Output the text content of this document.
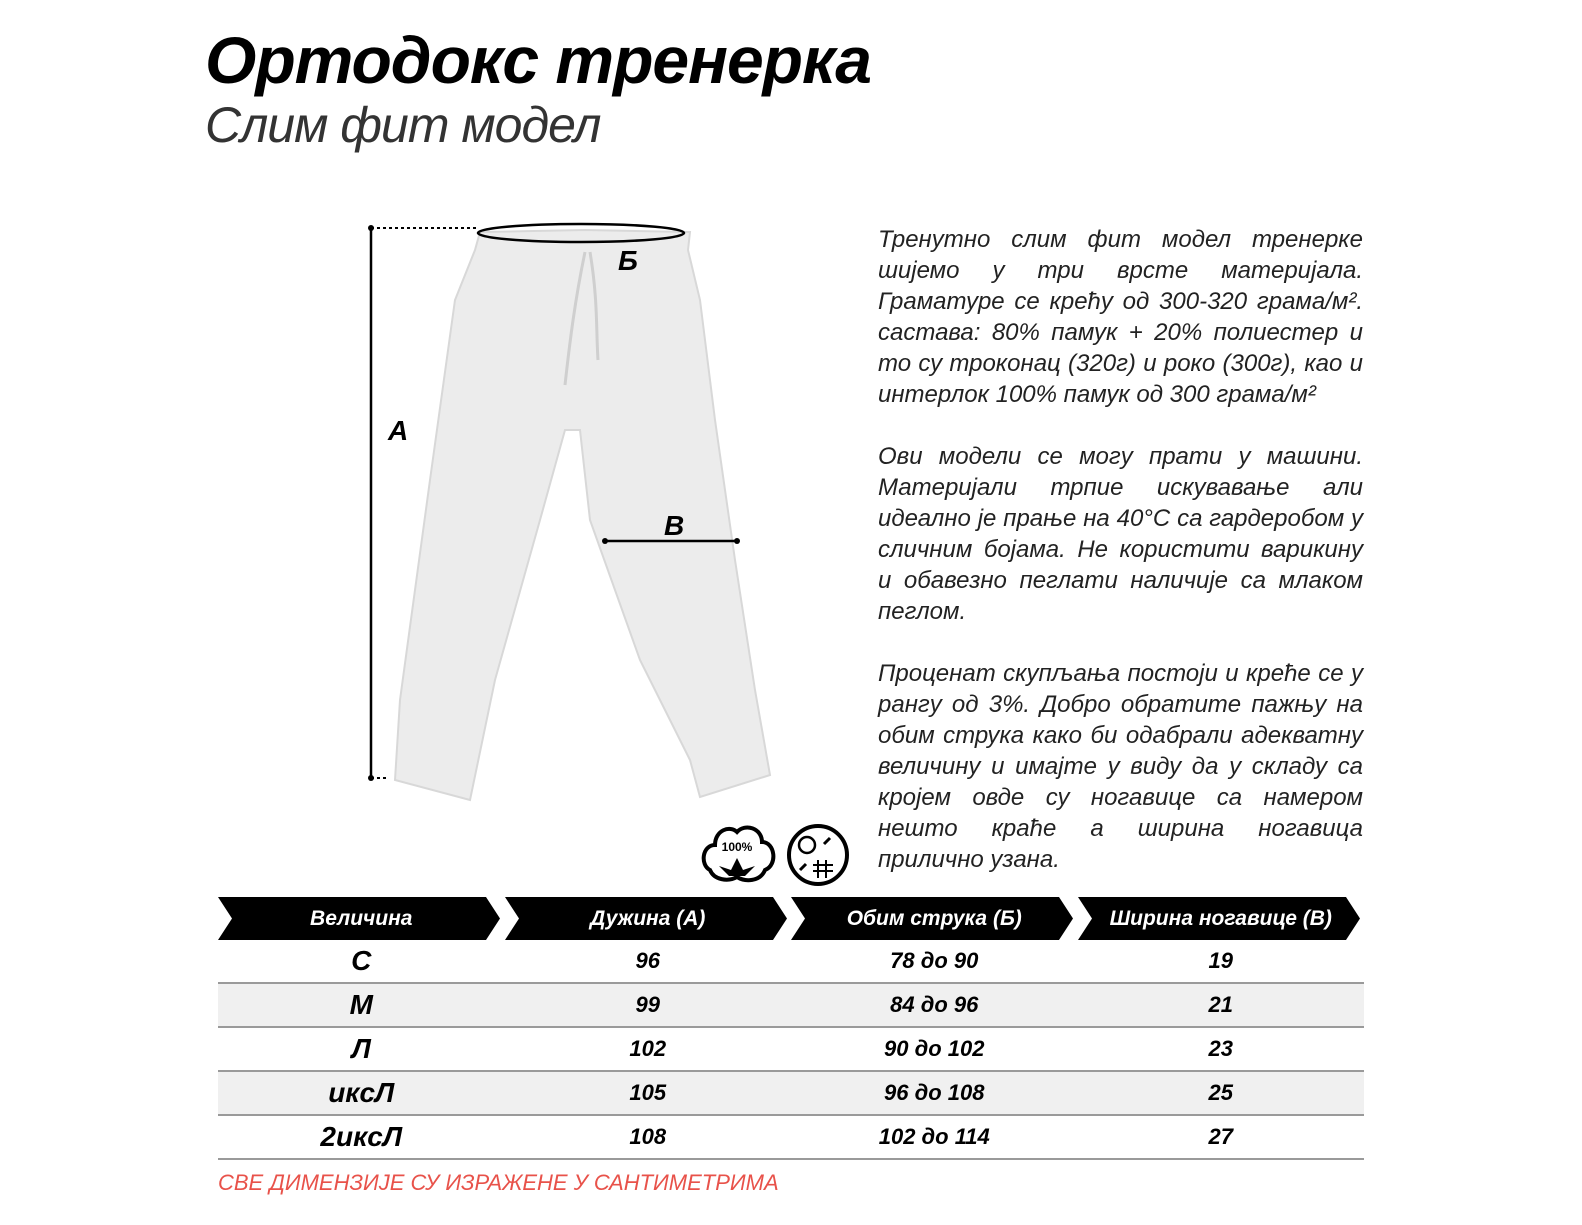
Ортодокс тренерка
Слим фит модел
А
Б
В

Тренутно слим фит модел тренерке шијемо у три врсте материјала. Граматуре се крећу од 300-320 грама/м². састава: 80% памук + 20% полиестер и то су троконац (320г) и роко (300г), као и интерлок 100% памук од 300 грама/м²

Ови модели се могу прати у машини. Материјали трпие искувавање али идеално је прање на 40°C са гардеробом у сличним бојама. Не користити варикину и обавезно пеглати наличије са млаком пеглом.

Проценат скупљања постоји и креће се у рангу од 3%. Добро обратите пажњу на обим струка како би одабрали адекватну величину и имајте у виду да у складу са кројем овде су ногавице са намером нешто краће а ширина ногавица прилично узана.

100%
Величина	Дужина (А)	Обим струка (Б)	Ширина ногавице (В)
С	96	78 до 90	19
М	99	84 до 96	21
Л	102	90 до 102	23
иксЛ	105	96 до 108	25
2иксЛ	108	102 до 114	27
СВЕ ДИМЕНЗИЈЕ СУ ИЗРАЖЕНЕ У САНТИМЕТРИМА
